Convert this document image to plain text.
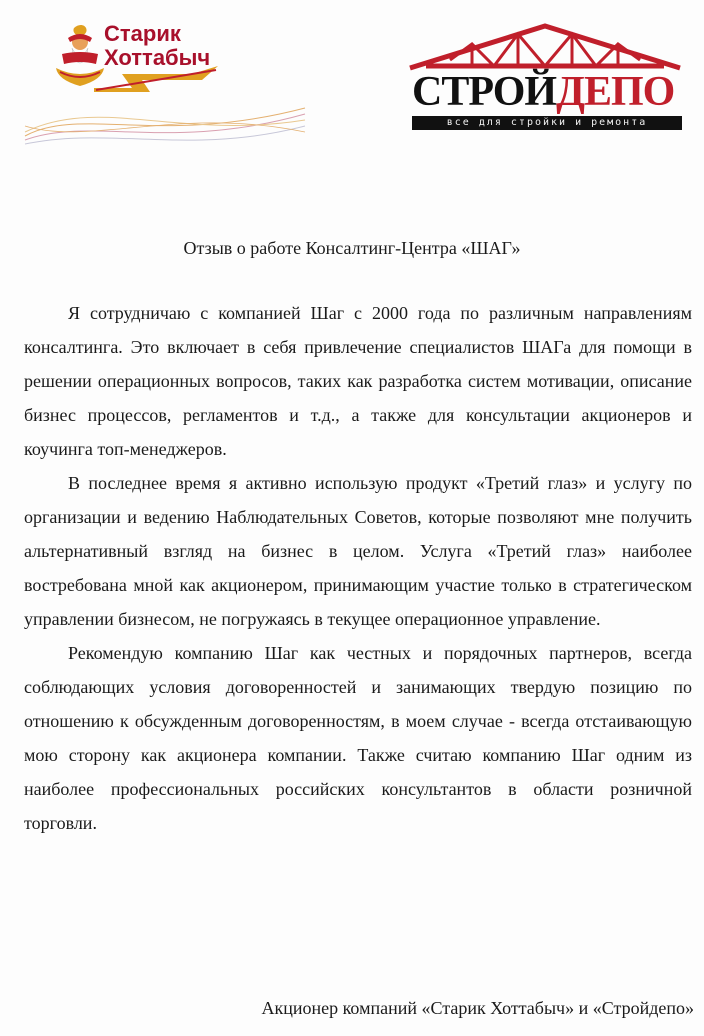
Старик
Хоттабыч
СТРОЙДЕПО
все для стройки и ремонта
Отзыв о работе Консалтинг-Центра «ШАГ»

Я сотрудничаю с компанией Шаг с 2000 года по различным направлениям консалтинга. Это включает в себя привлечение специалистов ШАГа для помощи в решении операционных вопросов, таких как разработка систем мотивации, описание бизнес процессов, регламентов и т.д., а также для консультации акционеров и коучинга топ-менеджеров.

В последнее время я активно использую продукт «Третий глаз» и услугу по организации и ведению Наблюдательных Советов, которые позволяют мне получить альтернативный взгляд на бизнес в целом. Услуга «Третий глаз» наиболее востребована мной как акционером, принимающим участие только в стратегическом управлении бизнесом, не погружаясь в текущее операционное управление.

Рекомендую компанию Шаг как честных и порядочных партнеров, всегда соблюдающих условия договоренностей и занимающих твердую позицию по отношению к обсужденным договоренностям, в моем случае - всегда отстаивающую мою сторону как акционера компании. Также считаю компанию Шаг одним из наиболее профессиональных российских консультантов в области розничной торговли.

Акционер компаний «Старик Хоттабыч» и «Стройдепо»
